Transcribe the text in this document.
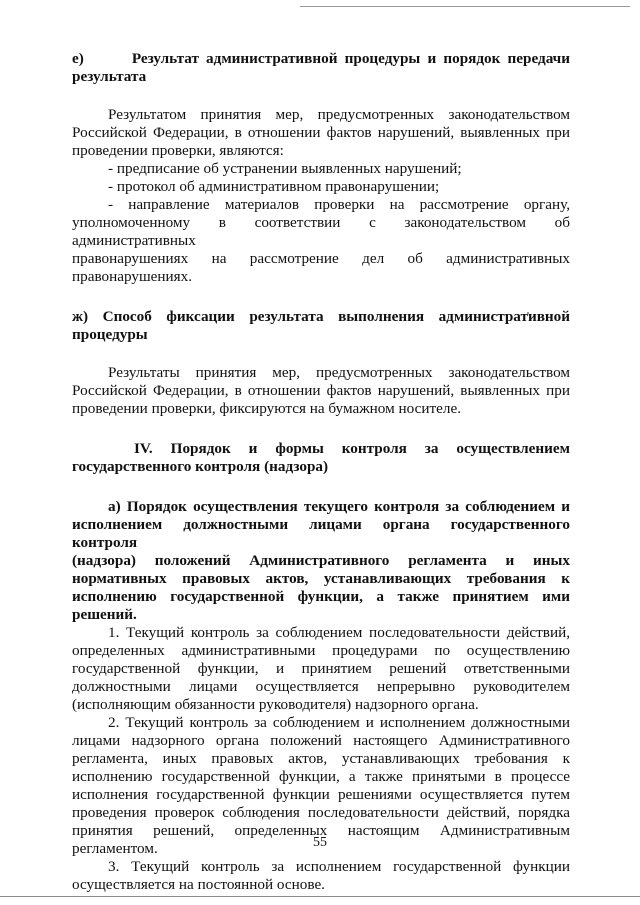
е)	Результат административной процедуры и порядок передачи

результата

Результатом принятия мер, предусмотренных законодательством

Российской Федерации, в отношении фактов нарушений, выявленных при

проведении проверки, являются:

- предписание об устранении выявленных нарушений;

- протокол об административном правонарушении;

- направление материалов проверки на рассмотрение органу,

уполномоченному в соответствии с законодательством об административных

правонарушениях на рассмотрение дел об административных

правонарушениях.

ж) Способ фиксации результата выполнения административной

процедуры

Результаты принятия мер, предусмотренных законодательством

Российской Федерации, в отношении фактов нарушений, выявленных при

проведении проверки, фиксируются на бумажном носителе.

IV. Порядок и формы контроля за осуществлением

государственного контроля (надзора)

а) Порядок осуществления текущего контроля за соблюдением и

исполнением должностными лицами органа государственного контроля

(надзора) положений Административного регламента и иных

нормативных правовых актов, устанавливающих требования к

исполнению государственной функции, а также принятием ими

решений.

1. Текущий контроль за соблюдением последовательности действий,

определенных административными процедурами по осуществлению

государственной функции, и принятием решений ответственными

должностными лицами осуществляется непрерывно руководителем

(исполняющим обязанности руководителя) надзорного органа.

2. Текущий контроль за соблюдением и исполнением должностными

лицами надзорного органа положений настоящего Административного

регламента, иных правовых актов, устанавливающих требования к

исполнению государственной функции, а также принятыми в процессе

исполнения государственной функции решениями осуществляется путем

проведения проверок соблюдения последовательности действий, порядка

принятия решений, определенных настоящим Административным

регламентом.

3. Текущий контроль за исполнением государственной функции

осуществляется на постоянной основе.

55
